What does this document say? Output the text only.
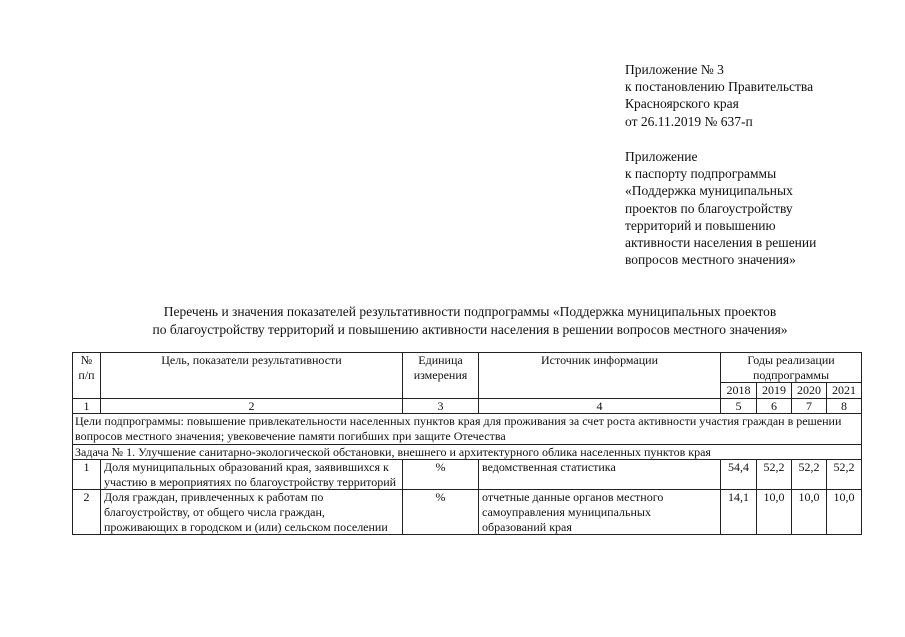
Приложение № 3
к постановлению Правительства
Красноярского края
от 26.11.2019 № 637-п
Приложение
к паспорту подпрограммы
«Поддержка муниципальных
проектов по благоустройству
территорий и повышению
активности населения в решении
вопросов местного значения»
Перечень и значения показателей результативности подпрограммы «Поддержка муниципальных проектов
по благоустройству территорий и повышению активности населения в решении вопросов местного значения»
№ п/п	Цель, показатели результативности	Единица измерения	Источник информации	Годы реализации подпрограммы			
				2018	2019	2020	2021
1	2	3	4	5	6	7	8
Цели подпрограммы: повышение привлекательности населенных пунктов края для проживания за счет роста активности участия граждан в решении вопросов местного значения; увековечение памяти погибших при защите Отечества							
Задача № 1. Улучшение санитарно-экологической обстановки, внешнего и архитектурного облика населенных пунктов края							
1	Доля муниципальных образований края, заявившихся к участию в мероприятиях по благоустройству территорий	%	ведомственная статистика	54,4	52,2	52,2	52,2
2	Доля граждан, привлеченных к работам по благоустройству, от общего числа граждан, проживающих в городском и (или) сельском поселении	%	отчетные данные органов местного самоуправления муниципальных образований края	14,1	10,0	10,0	10,0
